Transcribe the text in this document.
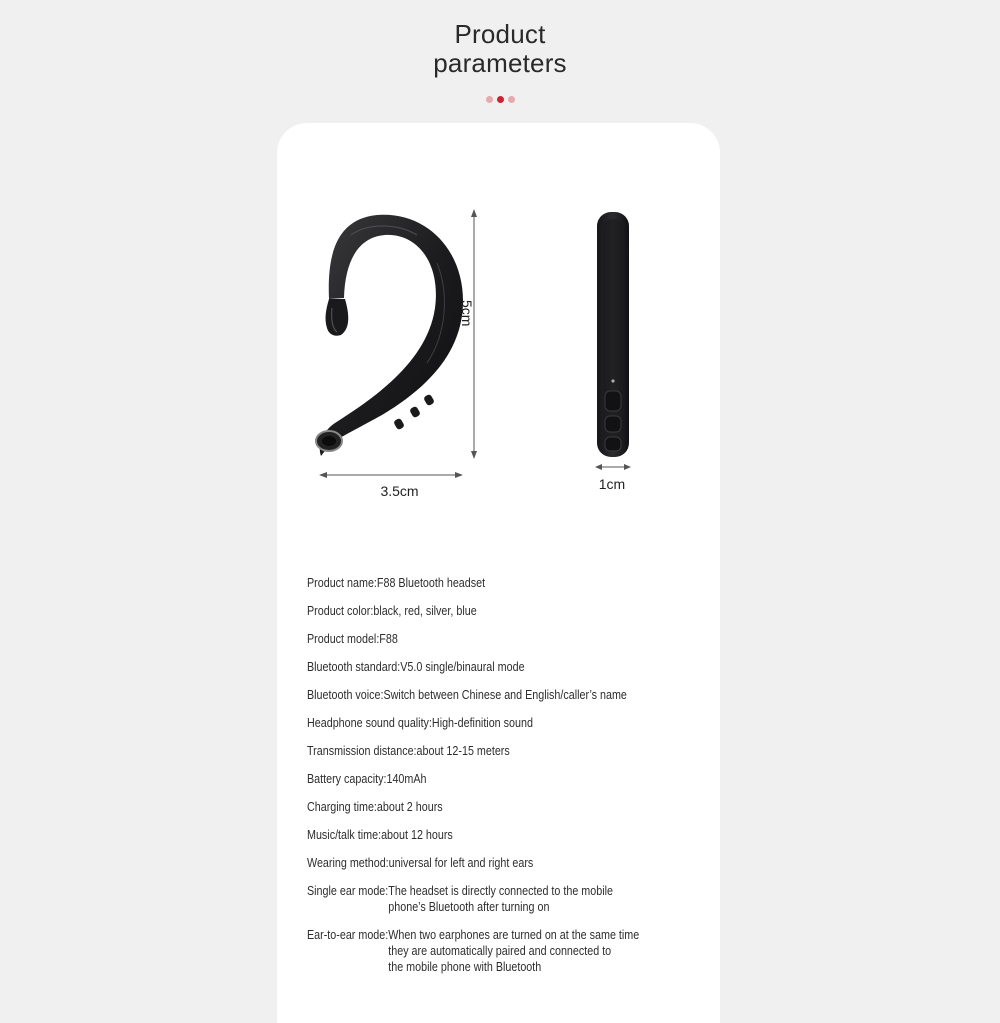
Product
parameters
5cm
3.5cm	1cm
Product name: F88 Bluetooth headset
Product color: black, red, silver, blue
Product model: F88
Bluetooth standard: V5.0 single/binaural mode
Bluetooth voice: Switch between Chinese and English/caller’s name
Headphone sound quality: High-definition sound
Transmission distance: about 12-15 meters
Battery capacity: 140mAh
Charging time: about 2 hours
Music/talk time: about 12 hours
Wearing method: universal for left and right ears
Single ear mode: The headset is directly connected to the mobile
phone’s Bluetooth after turning on
Ear-to-ear mode: When two earphones are turned on at the same time
they are automatically paired and connected to
the mobile phone with Bluetooth
